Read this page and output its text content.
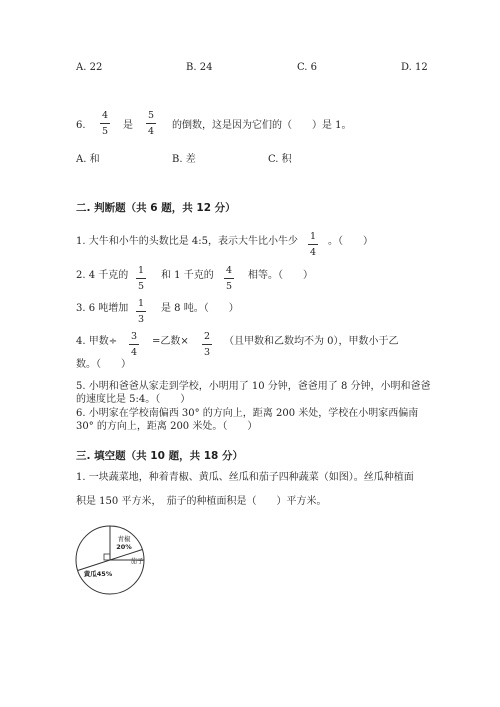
A. 22	B. 24	C. 6	D. 12
6.
4
5
是
5
4
的倒数，这是因为它们的（　　）是 1。
A. 和	B. 差	C. 积
二. 判断题（共 6 题，共 12 分）
1. 大牛和小牛的头数比是 4:5，表示大牛比小牛少	1
4
。（　　）
2. 4 千克的	1
5
和 1 千克的	4
5
相等。（　　）
3. 6 吨增加	1
3
是 8 吨。（　　）
4. 甲数÷	3
4
=乙数×	2
3
（且甲数和乙数均不为 0），甲数小于乙
数。（　　）
5. 小明和爸爸从家走到学校，小明用了 10 分钟，爸爸用了 8 分钟，小明和爸爸
的速度比是 5:4。（　　）
6. 小明家在学校南偏西 30° 的方向上，距离 200 米处，学校在小明家西偏南
30° 的方向上，距离 200 米处。（　　）
三. 填空题（共 10 题，共 18 分）
1. 一块蔬菜地，种着青椒、黄瓜、丝瓜和茄子四种蔬菜（如图）。丝瓜种植面
积是 150 平方米，　茄子的种植面积是（　　）平方米。
青椒
20%
茄子
黄瓜45%
